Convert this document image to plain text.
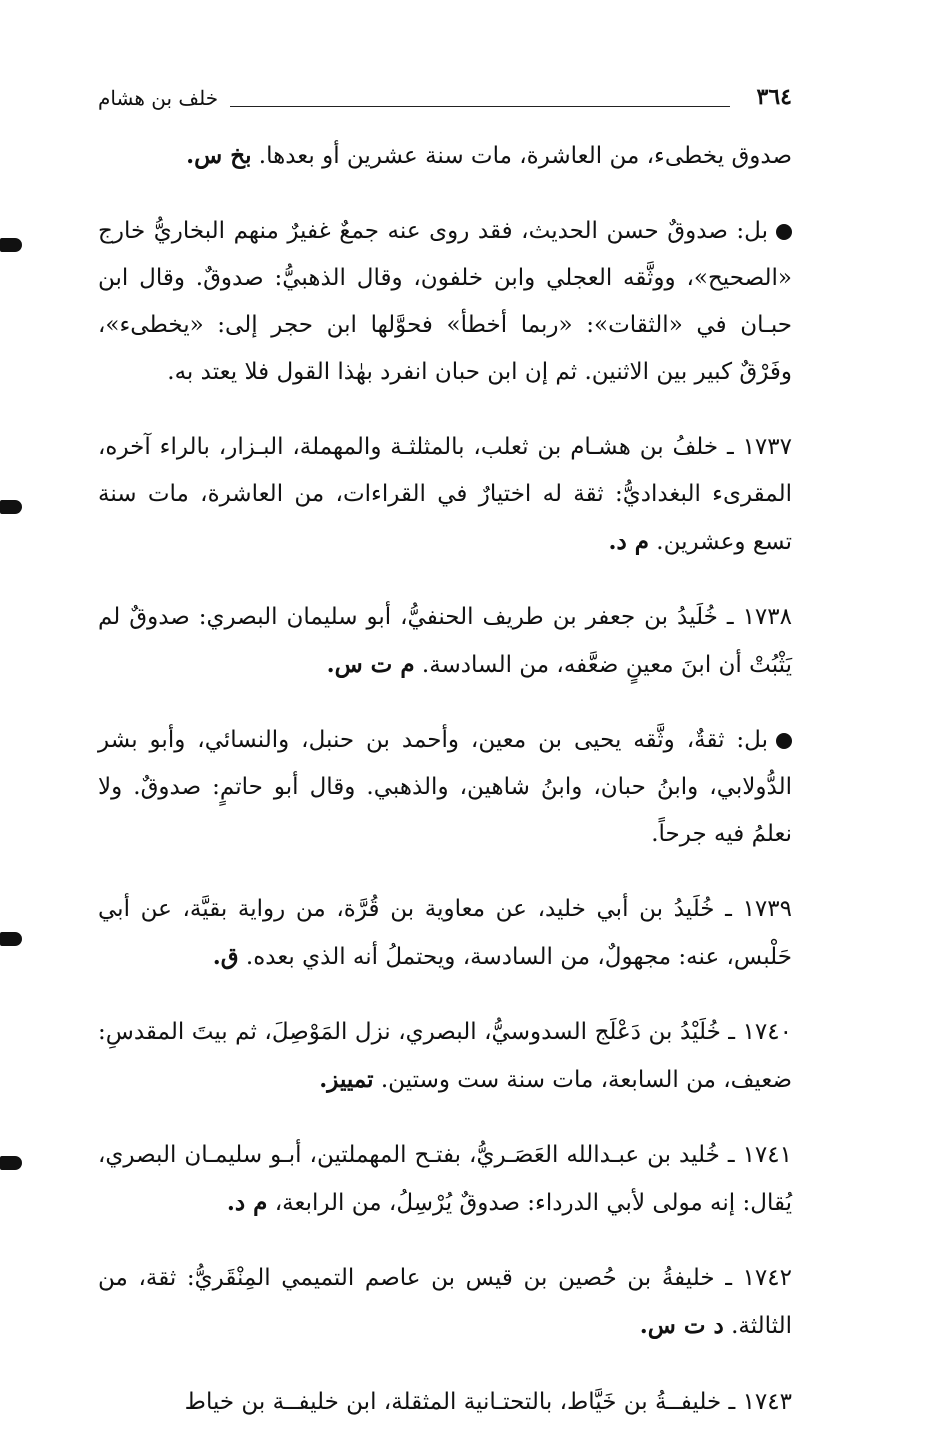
٣٦٤
خلف بن هشام

صدوق يخطىء، من العاشرة، مات سنة عشرين أو بعدها. بخ س.

بل: صدوقٌ حسن الحديث، فقد روى عنه جمعٌ غفيرٌ منهم البخاريُّ خارج «الصحيح»، ووثَّقه العجلي وابن خلفون، وقال الذهبيُّ: صدوقٌ. وقال ابن حبـان في «الثقات»: «ربما أخطأ» فحوَّلها ابن حجر إلى: «يخطىء»، وفَرْقٌ كبير بين الاثنين. ثم إن ابن حبان انفرد بهٰذا القول فلا يعتد به.

١٧٣٧ ـ خلفُ بن هشـام بن ثعلب، بالمثلثـة والمهملة، البـزار، بالراء آخره، المقرىء البغداديُّ: ثقة له اختيارٌ في القراءات، من العاشرة، مات سنة تسع وعشرين. م د.

١٧٣٨ ـ خُلَيدُ بن جعفر بن طريف الحنفيُّ، أبو سليمان البصري: صدوقٌ لم يَثْبُتْ أن ابنَ معينٍ ضعَّفه، من السادسة. م ت س.

بل: ثقةٌ، وثَّقه يحيى بن معين، وأحمد بن حنبل، والنسائي، وأبو بشر الدُّولابي، وابنُ حبان، وابنُ شاهين، والذهبي. وقال أبو حاتمٍ: صدوقٌ. ولا نعلمُ فيه جرحاً.

١٧٣٩ ـ خُلَيدُ بن أبي خليد، عن معاوية بن قُرَّة، من رواية بقيَّة، عن أبي حَلْبس، عنه: مجهولٌ، من السادسة، ويحتملُ أنه الذي بعده. ق.

١٧٤٠ ـ خُلَيْدُ بن دَعْلَج السدوسيُّ، البصري، نزل المَوْصِلَ، ثم بيتَ المقدسِ: ضعيف، من السابعة، مات سنة ست وستين. تمييز.

١٧٤١ ـ خُليد بن عبـدالله العَصَـريُّ، بفتـح المهملتين، أبـو سليمـان البصري، يُقال: إنه مولى لأبي الدرداء: صدوقٌ يُرْسِلُ، من الرابعة، م د.

١٧٤٢ ـ خليفةُ بن حُصين بن قيس بن عاصم التميمي المِنْقَريُّ: ثقة، من الثالثة. د ت س.

١٧٤٣ ـ خليفــةُ بن خَيَّاط، بالتحتـانية المثقلة، ابن خليفــة بن خياط
